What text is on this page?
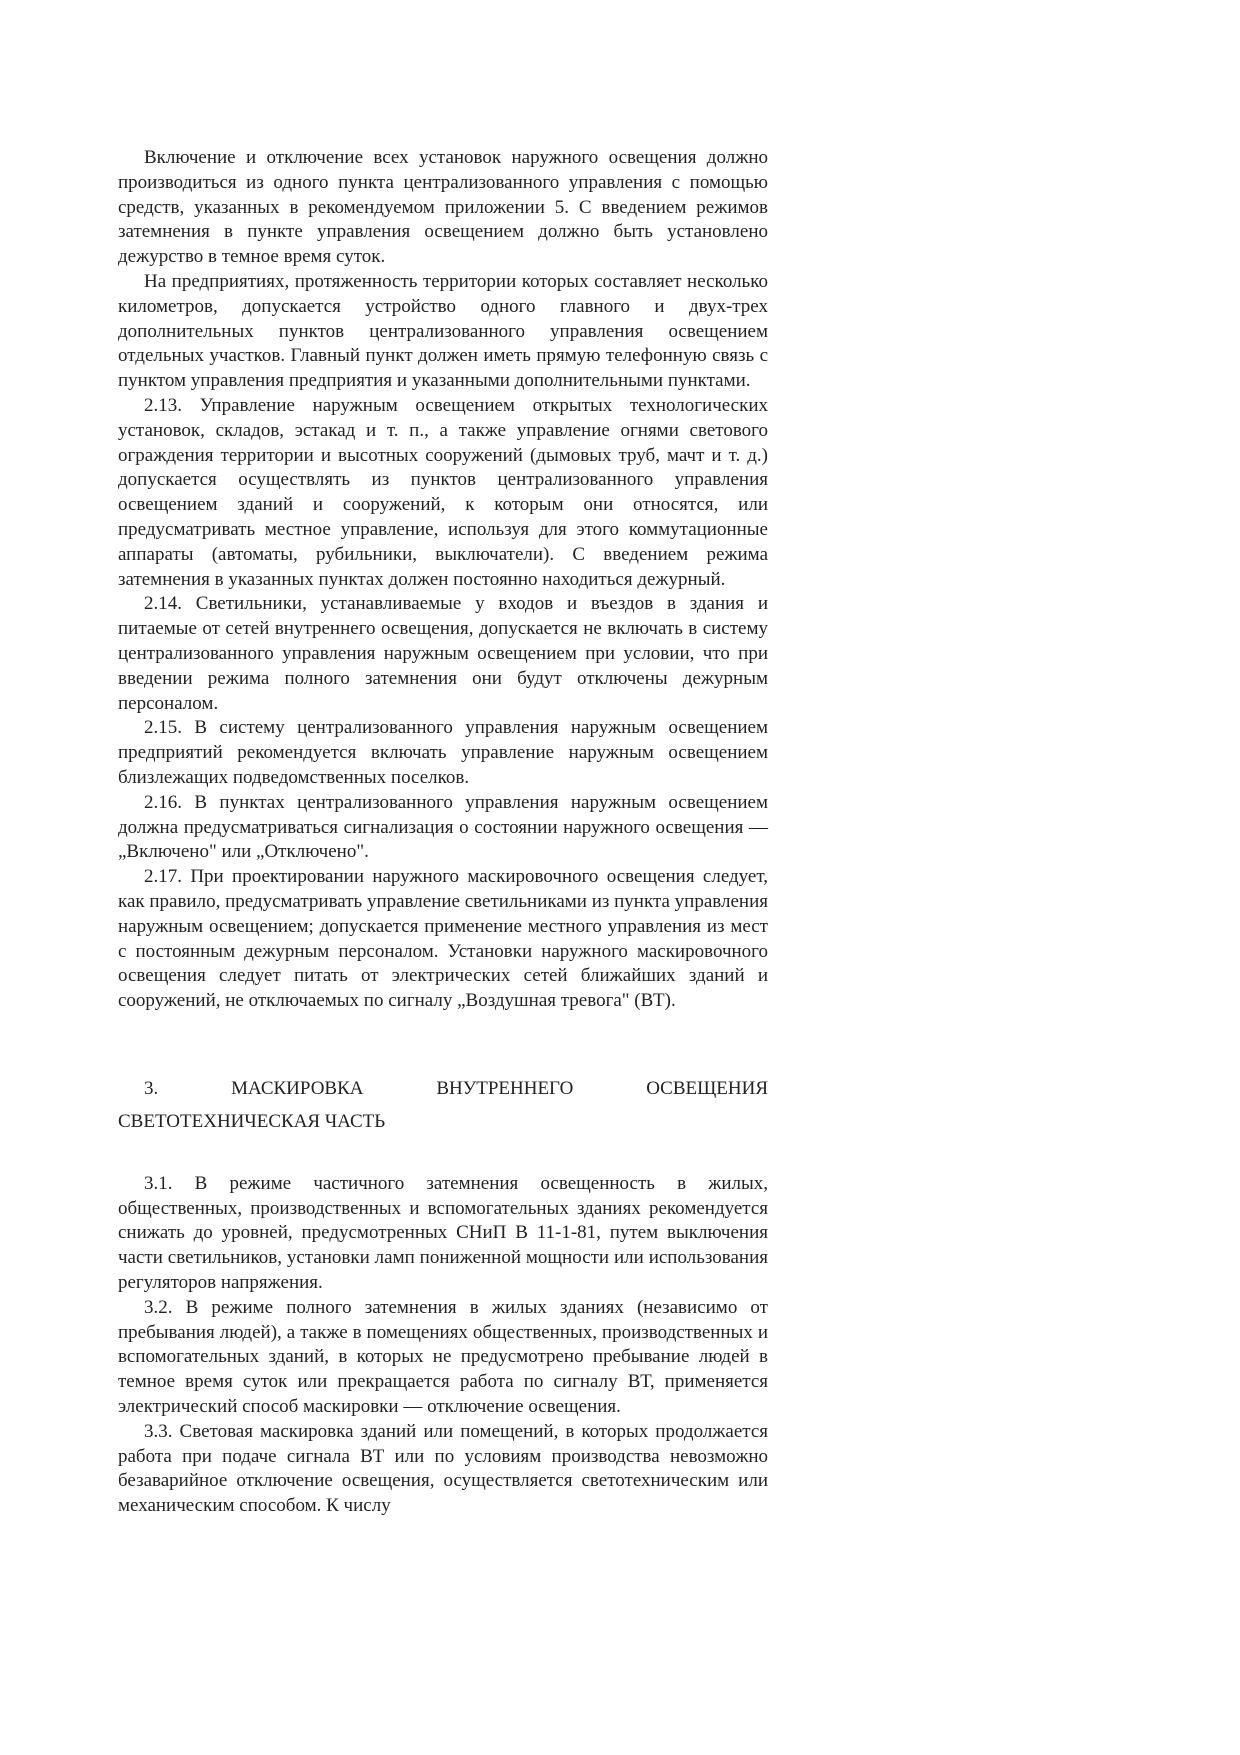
Включение и отключение всех установок наружного освещения должно производиться из одного пункта централизованного управления с помощью средств, указанных в рекомендуемом приложении 5. С введением режимов затемнения в пункте управления освещением должно быть установлено дежурство в темное время суток.

На предприятиях, протяженность территории которых составляет несколько километров, допускается устройство одного главного и двух-трех дополнительных пунктов централизованного управления освещением отдельных участков. Главный пункт должен иметь прямую телефонную связь с пунктом управления предприятия и указанными дополнительными пунктами.

2.13. Управление наружным освещением открытых технологических установок, складов, эстакад и т. п., а также управление огнями светового ограждения территории и высотных сооружений (дымовых труб, мачт и т. д.) допускается осуществлять из пунктов централизованного управления освещением зданий и сооружений, к которым они относятся, или предусматривать местное управление, используя для этого коммутационные аппараты (автоматы, рубильники, выключатели). С введением режима затемнения в указанных пунктах должен постоянно находиться дежурный.

2.14. Светильники, устанавливаемые у входов и въездов в здания и питаемые от сетей внутреннего освещения, допускается не включать в систему централизованного управления наружным освещением при условии, что при введении режима полного затемнения они будут отключены дежурным персоналом.

2.15. В систему централизованного управления наружным освещением предприятий рекомендуется включать управление наружным освещением близлежащих подведомственных поселков.

2.16. В пунктах централизованного управления наружным освещением должна предусматриваться сигнализация о состоянии наружного освещения — „Включено" или „Отключено".

2.17. При проектировании наружного маскировочного освещения следует, как правило, предусматривать управление светильниками из пункта управления наружным освещением; допускается применение местного управления из мест с постоянным дежурным персоналом. Установки наружного маскировочного освещения следует питать от электрических сетей ближайших зданий и сооружений, не отключаемых по сигналу „Воздушная тревога" (ВТ).

3. МАСКИРОВКА ВНУТРЕННЕГО ОСВЕЩЕНИЯ СВЕТОТЕХНИЧЕСКАЯ ЧАСТЬ

3.1. В режиме частичного затемнения освещенность в жилых, общественных, производственных и вспомогательных зданиях рекомендуется снижать до уровней, предусмотренных СНиП В 11-1-81, путем выключения части светильников, установки ламп пониженной мощности или использования регуляторов напряжения.

3.2. В режиме полного затемнения в жилых зданиях (независимо от пребывания людей), а также в помещениях общественных, производственных и вспомогательных зданий, в которых не предусмотрено пребывание людей в темное время суток или прекращается работа по сигналу ВТ, применяется электрический способ маскировки — отключение освещения.

3.3. Световая маскировка зданий или помещений, в которых продолжается работа при подаче сигнала ВТ или по условиям производства невозможно безаварийное отключение освещения, осуществляется светотехническим или механическим способом. К числу
